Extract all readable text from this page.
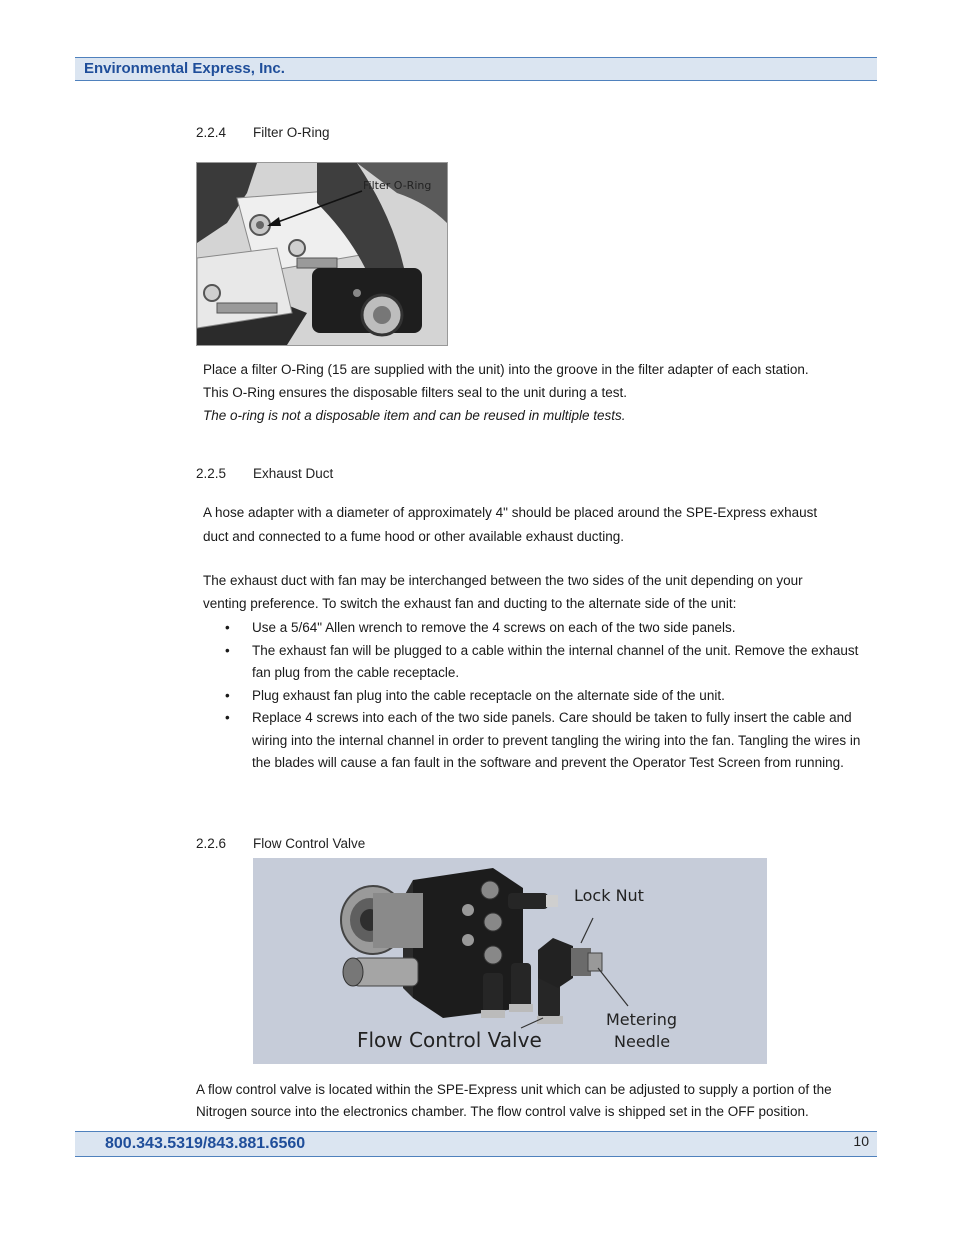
Environmental Express, Inc.
2.2.4 Filter O-Ring
Filter O-Ring

Place a filter O-Ring (15 are supplied with the unit) into the groove in the filter adapter of each station.

This O-Ring ensures the disposable filters seal to the unit during a test.

The o-ring is not a disposable item and can be reused in multiple tests.

2.2.5 Exhaust Duct

A hose adapter with a diameter of approximately 4" should be placed around the SPE-Express exhaust

duct and connected to a fume hood or other available exhaust ducting.

The exhaust duct with fan may be interchanged between the two sides of the unit depending on your

venting preference. To switch the exhaust fan and ducting to the alternate side of the unit:

• Use a 5/64" Allen wrench to remove the 4 screws on each of the two side panels.
• The exhaust fan will be plugged to a cable within the internal channel of the unit. Remove the exhaust fan plug from the cable receptacle.
• Plug exhaust fan plug into the cable receptacle on the alternate side of the unit.
• Replace 4 screws into each of the two side panels. Care should be taken to fully insert the cable and wiring into the internal channel in order to prevent tangling the wiring into the fan. Tangling the wires in the blades will cause a fan fault in the software and prevent the Operator Test Screen from running.
2.2.6 Flow Control Valve
Lock Nut
Metering
Needle
Flow Control Valve

A flow control valve is located within the SPE-Express unit which can be adjusted to supply a portion of the

Nitrogen source into the electronics chamber. The flow control valve is shipped set in the OFF position.

800.343.5319/843.881.6560	10
